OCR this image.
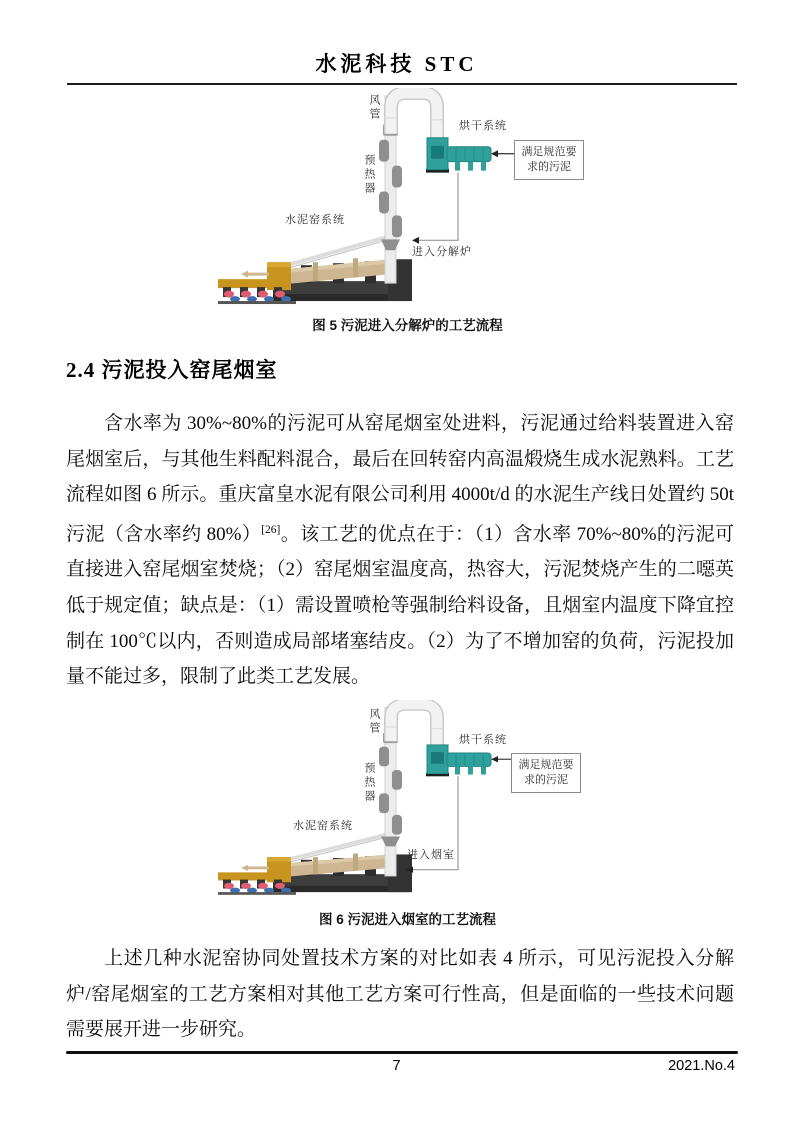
水泥科技 STC
风管
预热器
烘干系统
水泥窑系统
进入分解炉
满足规范要
求的污泥
图 5 污泥进入分解炉的工艺流程
2.4 污泥投入窑尾烟室
含水率为 30%~80%的污泥可从窑尾烟室处进料，污泥通过给料装置进入窑尾烟室后，与其他生料配料混合，最后在回转窑内高温煅烧生成水泥熟料。工艺流程如图 6 所示。重庆富皇水泥有限公司利用 4000t/d 的水泥生产线日处置约 50t 污泥（含水率约 80%）[26]。该工艺的优点在于：（1）含水率 70%~80%的污泥可直接进入窑尾烟室焚烧；（2）窑尾烟室温度高，热容大，污泥焚烧产生的二噁英低于规定值；缺点是：（1）需设置喷枪等强制给料设备，且烟室内温度下降宜控制在 100℃以内，否则造成局部堵塞结皮。（2）为了不增加窑的负荷，污泥投加量不能过多，限制了此类工艺发展。
风管
预热器
烘干系统
水泥窑系统
进入烟室
满足规范要
求的污泥
图 6 污泥进入烟室的工艺流程
上述几种水泥窑协同处置技术方案的对比如表 4 所示，可见污泥投入分解炉/窑尾烟室的工艺方案相对其他工艺方案可行性高，但是面临的一些技术问题需要展开进一步研究。
7	2021.No.4
